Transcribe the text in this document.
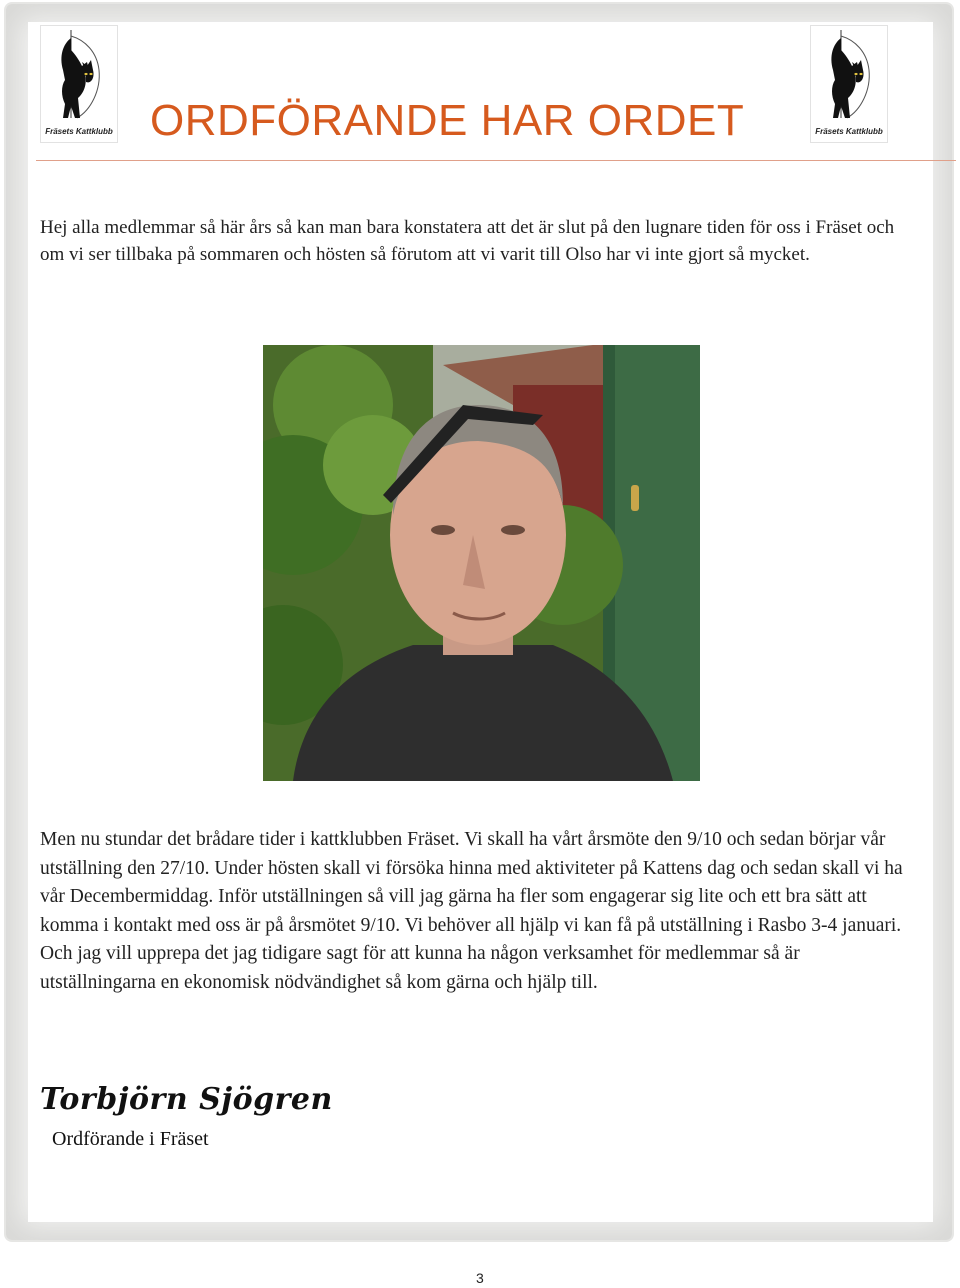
Fräsets Kattklubb	Fräsets Kattklubb
ORDFÖRANDE HAR ORDET

Hej alla medlemmar så här års så kan man bara konstatera att det är slut på den lugnare tiden för oss i Fräset och om vi ser tillbaka på sommaren och hösten så förutom att vi varit till Olso har vi inte gjort så mycket.

Men nu stundar det brådare tider i kattklubben Fräset. Vi skall ha vårt årsmöte den 9/10 och sedan börjar vår utställning den 27/10. Under hösten skall vi försöka hinna med aktiviteter på Kattens dag och sedan skall vi ha vår Decembermiddag. Inför utställningen så vill jag gärna ha fler som engagerar sig lite och ett bra sätt att komma i kontakt med oss är på årsmötet 9/10. Vi behöver all hjälp vi kan få på utställning i Rasbo 3-4 januari. Och jag vill upprepa det jag tidigare sagt för att kunna ha någon verksamhet för medlemmar så är utställningarna en ekonomisk nödvändighet så kom gärna och hjälp till.

Torbjörn Sjögren
Ordförande i Fräset
3
